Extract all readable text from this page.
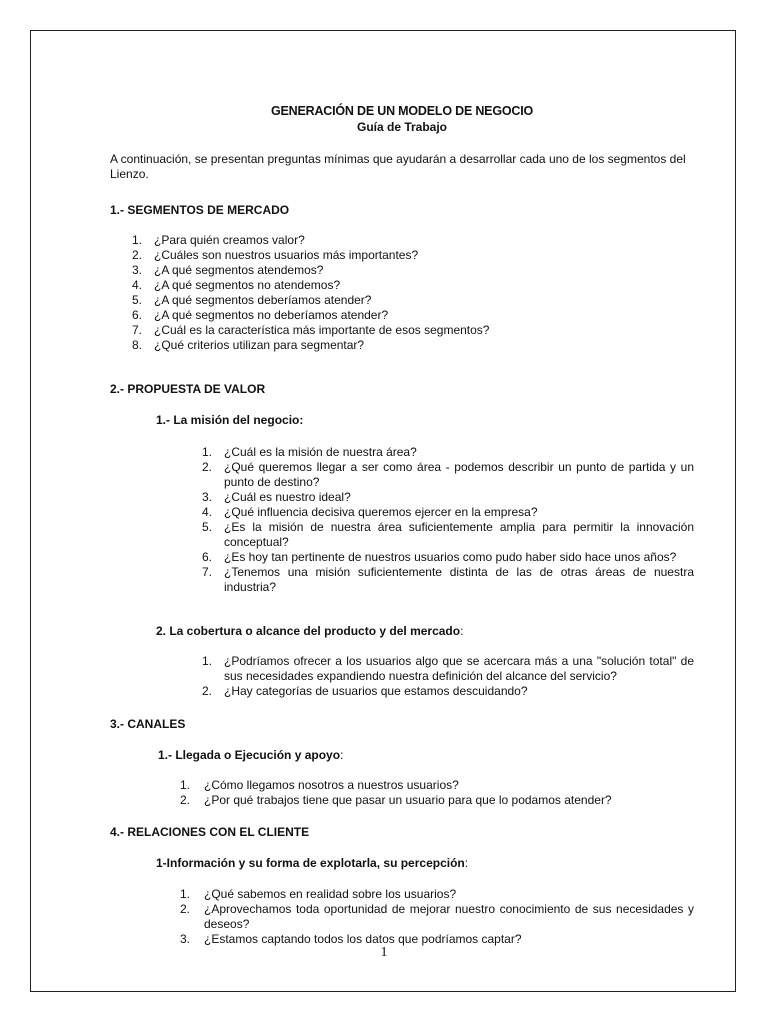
GENERACIÓN DE UN MODELO DE NEGOCIO
Guía de Trabajo
A continuación, se presentan preguntas mínimas que ayudarán a desarrollar cada uno de los segmentos del Lienzo.
1.- SEGMENTOS DE MERCADO
1. ¿Para quién creamos valor?
2. ¿Cuáles son nuestros usuarios más importantes?
3. ¿A qué segmentos atendemos?
4. ¿A qué segmentos no atendemos?
5. ¿A qué segmentos deberíamos atender?
6. ¿A qué segmentos no deberíamos atender?
7. ¿Cuál es la característica más importante de esos segmentos?
8. ¿Qué criterios utilizan para segmentar?
2.- PROPUESTA DE VALOR
1.- La misión del negocio:
1. ¿Cuál es la misión de nuestra área?
2. ¿Qué queremos llegar a ser como área - podemos describir un punto de partida y un punto de destino?
3. ¿Cuál es nuestro ideal?
4. ¿Qué influencia decisiva queremos ejercer en la empresa?
5. ¿Es la misión de nuestra área suficientemente amplia para permitir la innovación conceptual?
6. ¿Es hoy tan pertinente de nuestros usuarios como pudo haber sido hace unos años?
7. ¿Tenemos una misión suficientemente distinta de las de otras áreas de nuestra industria?
2. La cobertura o alcance del producto y del mercado:
1. ¿Podríamos ofrecer a los usuarios algo que se acercara más a una "solución total" de sus necesidades expandiendo nuestra definición del alcance del servicio?
2. ¿Hay categorías de usuarios que estamos descuidando?
3.- CANALES
1.- Llegada o Ejecución y apoyo:
1. ¿Cómo llegamos nosotros a nuestros usuarios?
2. ¿Por qué trabajos tiene que pasar un usuario para que lo podamos atender?
4.- RELACIONES CON EL CLIENTE
1-Información y su forma de explotarla, su percepción:
1. ¿Qué sabemos en realidad sobre los usuarios?
2. ¿Aprovechamos toda oportunidad de mejorar nuestro conocimiento de sus necesidades y deseos?
3. ¿Estamos captando todos los datos que podríamos captar?
1
